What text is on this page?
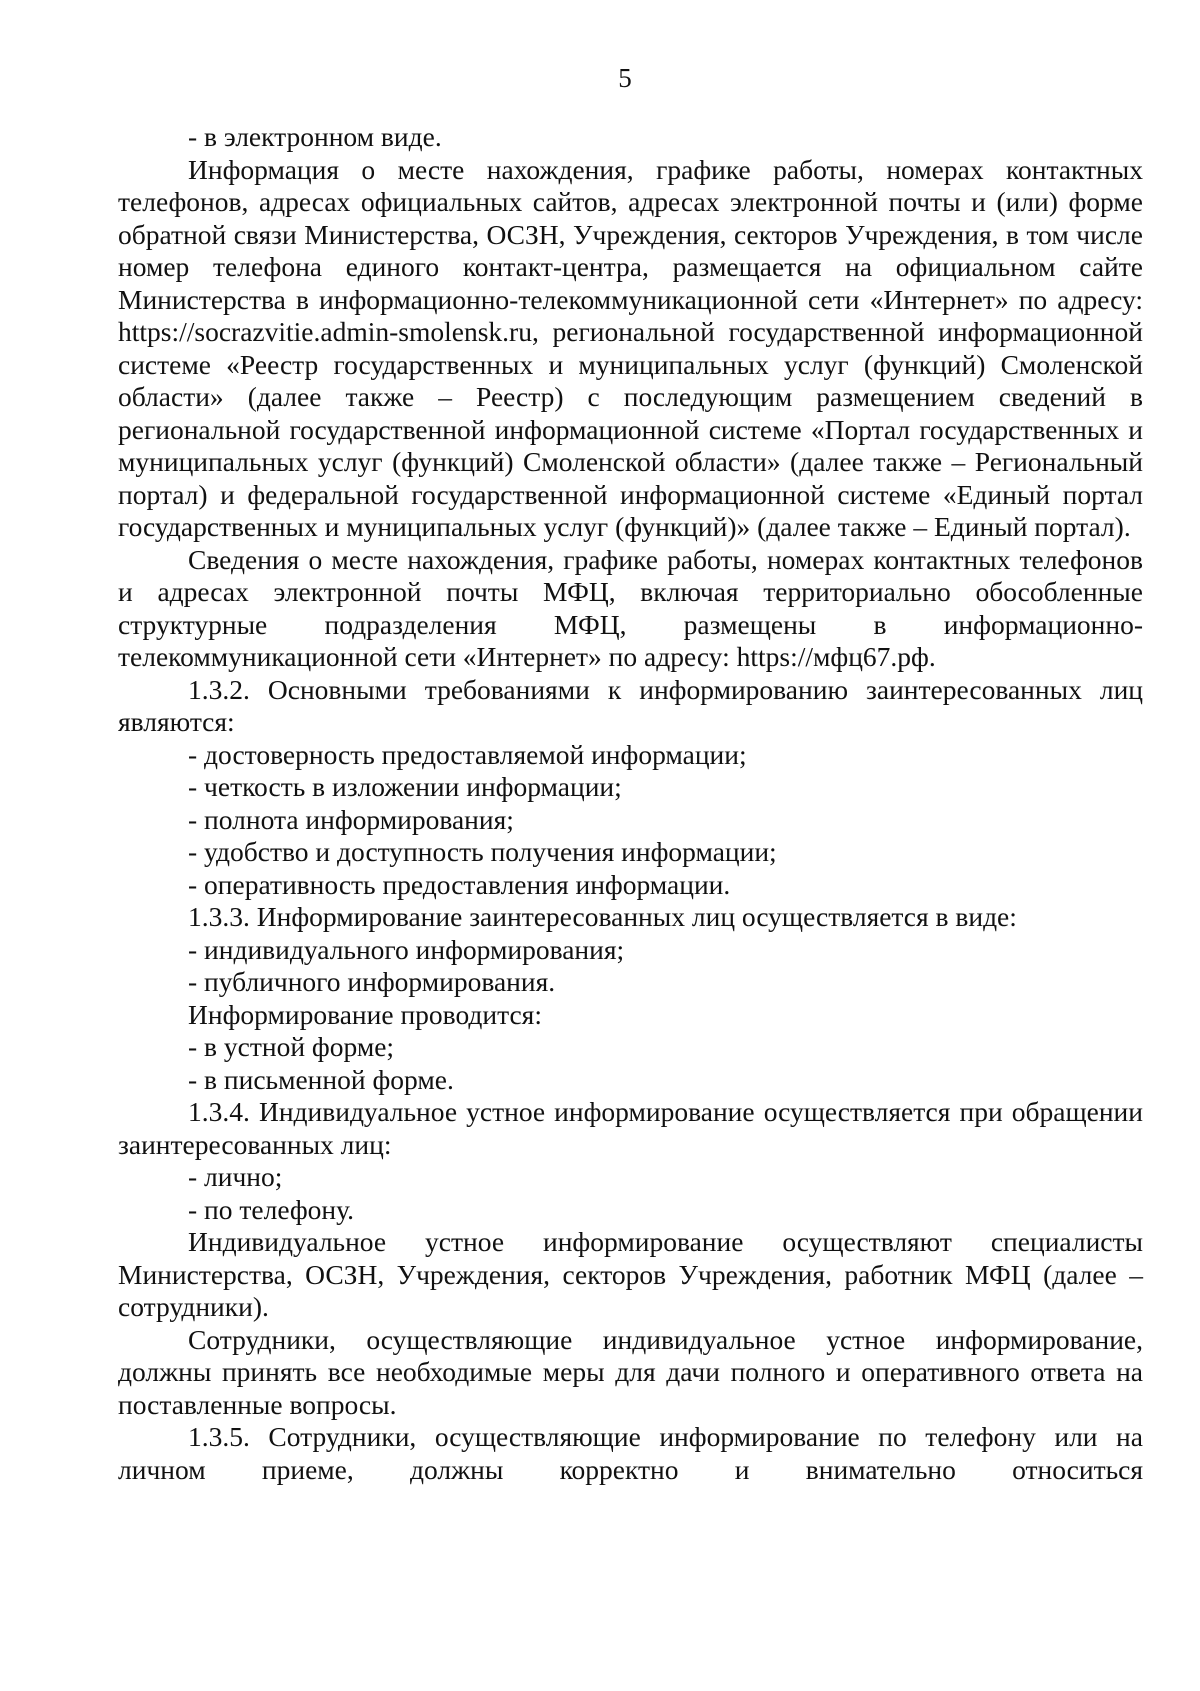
5

- в электронном виде.

Информация о месте нахождения, графике работы, номерах контактных телефонов, адресах официальных сайтов, адресах электронной почты и (или) форме обратной связи Министерства, ОСЗН, Учреждения, секторов Учреждения, в том числе номер телефона единого контакт-центра, размещается на официальном сайте Министерства в информационно-телекоммуникационной сети «Интернет» по адресу: https://socrazvitie.admin-smolensk.ru, региональной государственной информационной системе «Реестр государственных и муниципальных услуг (функций) Смоленской области» (далее также – Реестр) с последующим размещением сведений в региональной государственной информационной системе «Портал государственных и муниципальных услуг (функций) Смоленской области» (далее также – Региональный портал) и федеральной государственной информационной системе «Единый портал государственных и муниципальных услуг (функций)» (далее также – Единый портал).

Сведения о месте нахождения, графике работы, номерах контактных телефонов и адресах электронной почты МФЦ, включая территориально обособленные структурные подразделения МФЦ, размещены в информационно-телекоммуникационной сети «Интернет» по адресу: https://мфц67.рф.

1.3.2. Основными требованиями к информированию заинтересованных лиц являются:

- достоверность предоставляемой информации;

- четкость в изложении информации;

- полнота информирования;

- удобство и доступность получения информации;

- оперативность предоставления информации.

1.3.3. Информирование заинтересованных лиц осуществляется в виде:

- индивидуального информирования;

- публичного информирования.

Информирование проводится:

- в устной форме;

- в письменной форме.

1.3.4. Индивидуальное устное информирование осуществляется при обращении заинтересованных лиц:

- лично;

- по телефону.

Индивидуальное устное информирование осуществляют специалисты Министерства, ОСЗН, Учреждения, секторов Учреждения, работник МФЦ (далее – сотрудники).

Сотрудники, осуществляющие индивидуальное устное информирование, должны принять все необходимые меры для дачи полного и оперативного ответа на поставленные вопросы.

1.3.5. Сотрудники, осуществляющие информирование по телефону или на личном приеме, должны корректно и внимательно относиться
